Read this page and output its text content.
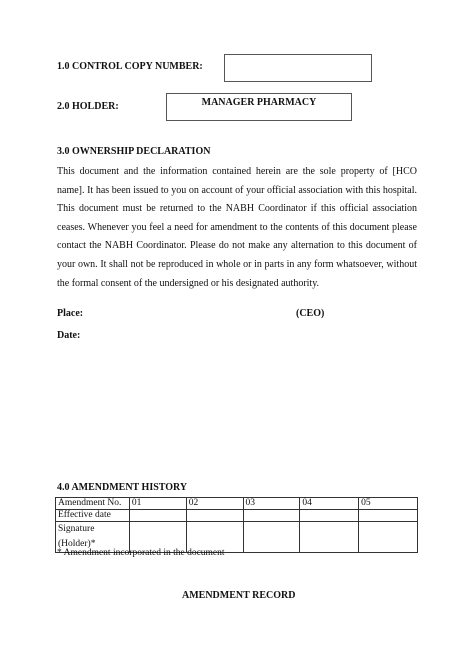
1.0 CONTROL COPY NUMBER:
2.0 HOLDER:	MANAGER PHARMACY
3.0 OWNERSHIP DECLARATION

This document and the information contained herein are the sole property of [HCO name]. It has been issued to you on account of your official association with this hospital. This document must be returned to the NABH Coordinator if this official association ceases. Whenever you feel a need for amendment to the contents of this document please contact the NABH Coordinator. Please do not make any alternation to this document of your own. It shall not be reproduced in whole or in parts in any form whatsoever, without the formal consent of the undersigned or his designated authority.

Place:	(CEO)
Date:
4.0 AMENDMENT HISTORY
Amendment No.	01	02	03	04	05
Effective date					

Signature
(Holder)*					

* Amendment incorporated in the document
AMENDMENT RECORD
